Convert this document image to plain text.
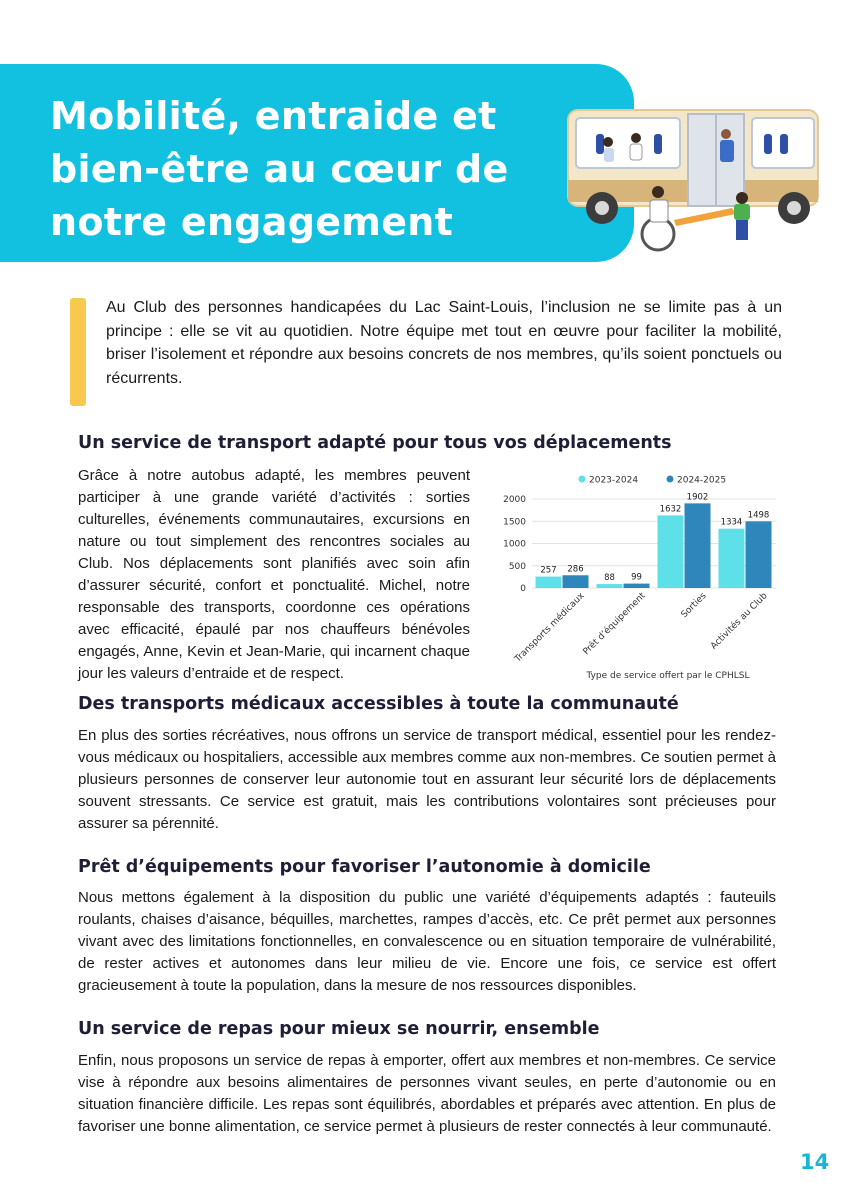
Mobilité, entraide et
bien-être au cœur de
notre engagement

Au Club des personnes handicapées du Lac Saint-Louis, l’inclusion ne se limite pas à un principe : elle se vit au quotidien. Notre équipe met tout en œuvre pour faciliter la mobilité, briser l’isolement et répondre aux besoins concrets de nos membres, qu’ils soient ponctuels ou récurrents.

Un service de transport adapté pour tous vos déplacements

Grâce à notre autobus adapté, les membres peuvent participer à une grande variété d’activités : sorties culturelles, événements communautaires, excursions en nature ou tout simplement des rencontres sociales au Club. Nos déplacements sont planifiés avec soin afin d’assurer sécurité, confort et ponctualité. Michel, notre responsable des transports, coordonne ces opérations avec efficacité, épaulé par nos chauffeurs bénévoles engagés, Anne, Kevin et Jean-Marie, qui incarnent chaque jour les valeurs d’entraide et de respect.

0
500
1000
1500
2000
2023-2024	2024-2025
257 286
Transports médicaux
88 99
Prêt d’équipement
1632
1902
Sorties
1334
1498
Activités au Club
Type de service offert par le CPHLSL
Des transports médicaux accessibles à toute la communauté

En plus des sorties récréatives, nous offrons un service de transport médical, essentiel pour les rendez-vous médicaux ou hospitaliers, accessible aux membres comme aux non-membres. Ce soutien permet à plusieurs personnes de conserver leur autonomie tout en assurant leur sécurité lors de déplacements souvent stressants. Ce service est gratuit, mais les contributions volontaires sont précieuses pour assurer sa pérennité.

Prêt d’équipements pour favoriser l’autonomie à domicile

Nous mettons également à la disposition du public une variété d’équipements adaptés : fauteuils roulants, chaises d’aisance, béquilles, marchettes, rampes d’accès, etc. Ce prêt permet aux personnes vivant avec des limitations fonctionnelles, en convalescence ou en situation temporaire de vulnérabilité, de rester actives et autonomes dans leur milieu de vie. Encore une fois, ce service est offert gracieusement à toute la population, dans la mesure de nos ressources disponibles.

Un service de repas pour mieux se nourrir, ensemble

Enfin, nous proposons un service de repas à emporter, offert aux membres et non-membres. Ce service vise à répondre aux besoins alimentaires de personnes vivant seules, en perte d’autonomie ou en situation financière difficile. Les repas sont équilibrés, abordables et préparés avec attention. En plus de favoriser une bonne alimentation, ce service permet à plusieurs de rester connectés à leur communauté.

14
